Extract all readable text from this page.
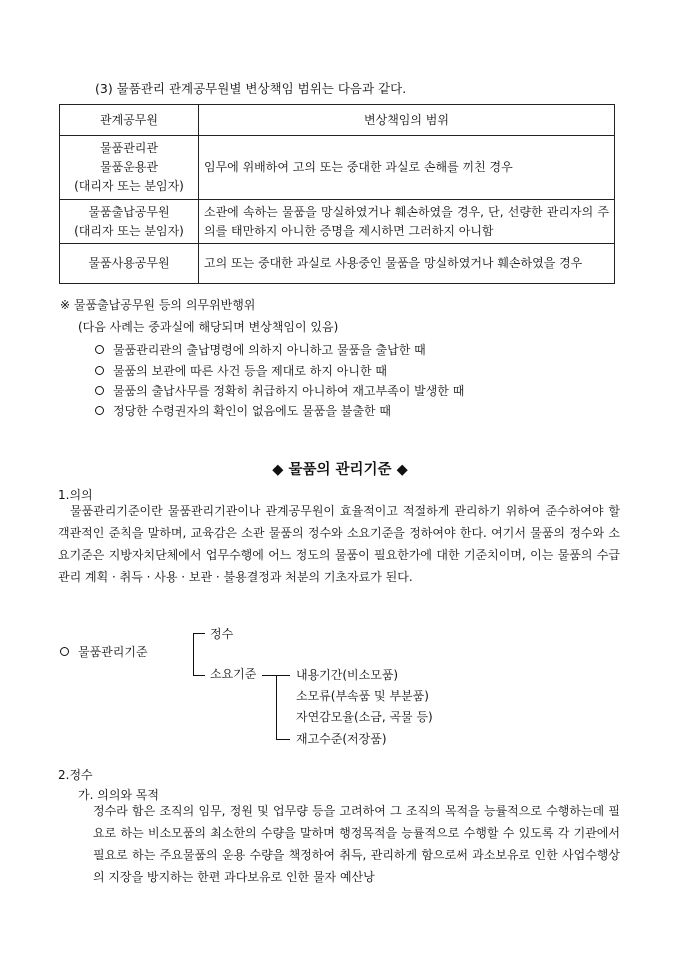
(3) 물품관리 관계공무원별 변상책임 범위는 다음과 같다.
관계공무원	변상책임의 범위

물품관리관
물품운용관
(대리자 또는 분임자)	임무에 위배하여 고의 또는 중대한 과실로 손해를 끼친 경우

물품출납공무원
(대리자 또는 분임자)	소관에 속하는 물품을 망실하였거나 훼손하였을 경우, 단, 선량한 관리자의 주의를 태만하지 아니한 증명을 제시하면 그러하지 아니함

물품사용공무원	고의 또는 중대한 과실로 사용중인 물품을 망실하였거나 훼손하였을 경우
※ 물품출납공무원 등의 의무위반행위
(다음 사례는 중과실에 해당되며 변상책임이 있음)
물품관리관의 출납명령에 의하지 아니하고 물품을 출납한 때
물품의 보관에 따른 사건 등을 제대로 하지 아니한 때
물품의 출납사무를 정확히 취급하지 아니하여 재고부족이 발생한 때
정당한 수령권자의 확인이 없음에도 물품을 불출한 때
◆ 물품의 관리기준 ◆
1.의의
물품관리기준이란 물품관리기관이나 관계공무원이 효율적이고 적절하게 관리하기 위하여 준수하여야 할 객관적인 준칙을 말하며, 교육감은 소관 물품의 정수와 소요기준을 정하여야 한다. 여기서 물품의 정수와 소요기준은 지방자치단체에서 업무수행에 어느 정도의 물품이 필요한가에 대한 기준치이며, 이는 물품의 수급관리 계획 · 취득 · 사용 · 보관 · 불용결정과 처분의 기초자료가 된다.
물품관리기준
정수
소요기준	내용기간(비소모품)
소모류(부속품 및 부분품)
자연감모율(소금, 곡물 등)
재고수준(저장품)
2.정수
가. 의의와 목적
정수라 함은 조직의 임무, 정원 및 업무량 등을 고려하여 그 조직의 목적을 능률적으로 수행하는데 필요로 하는 비소모품의 최소한의 수량을 말하며 행정목적을 능률적으로 수행할 수 있도록 각 기관에서 필요로 하는 주요물품의 운용 수량을 책정하여 취득, 관리하게 함으로써 과소보유로 인한 사업수행상의 지장을 방지하는 한편 과다보유로 인한 물자 예산낭
